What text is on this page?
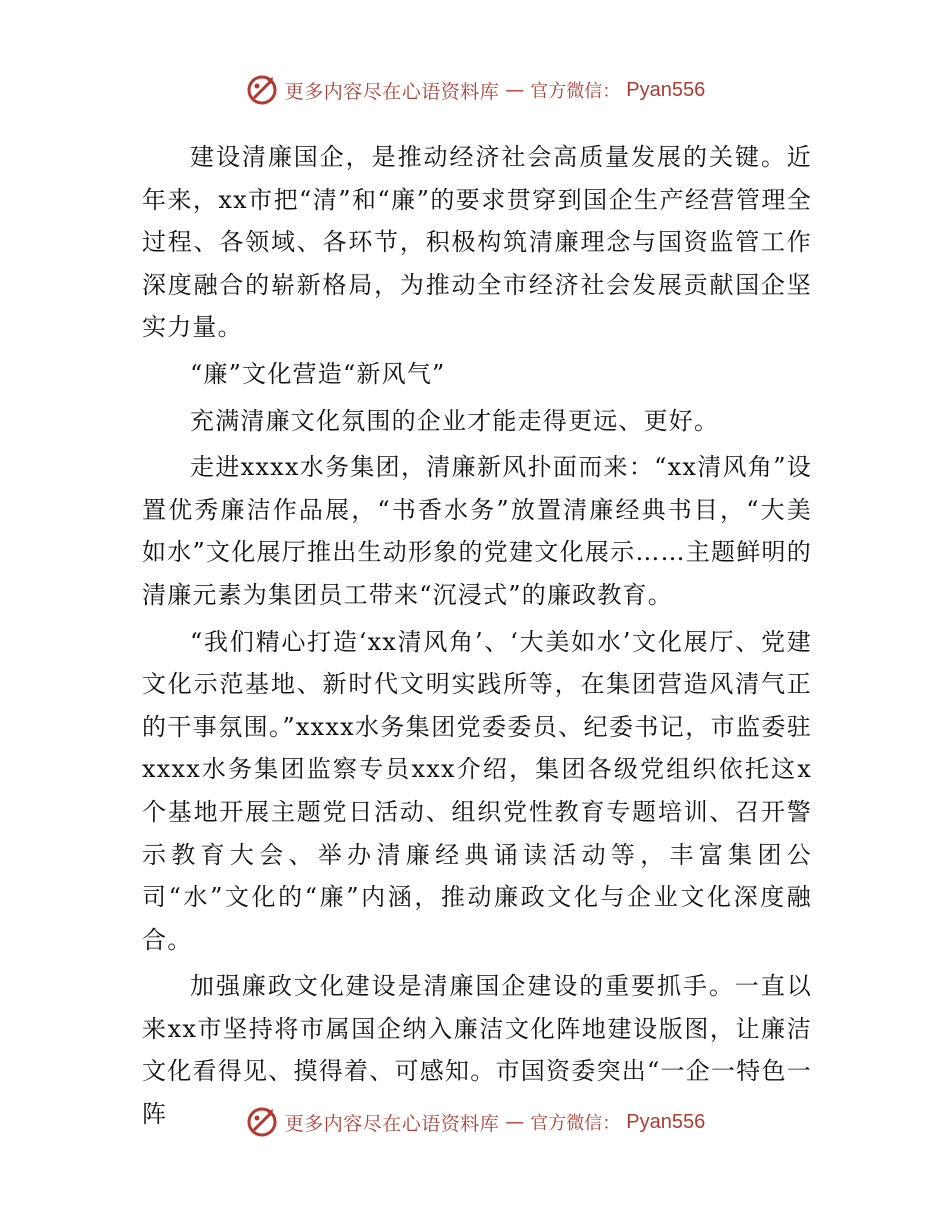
更多内容尽在心语资料库 — 官方微信： Pyan556

建设清廉国企，是推动经济社会高质量发展的关键。近年来，xx市把“清”和“廉”的要求贯穿到国企生产经营管理全过程、各领域、各环节，积极构筑清廉理念与国资监管工作深度融合的崭新格局，为推动全市经济社会发展贡献国企坚实力量。

“廉”文化营造“新风气”

充满清廉文化氛围的企业才能走得更远、更好。

走进xxxx水务集团，清廉新风扑面而来：“xx清风角”设置优秀廉洁作品展，“书香水务”放置清廉经典书目，“大美如水”文化展厅推出生动形象的党建文化展示……主题鲜明的清廉元素为集团员工带来“沉浸式”的廉政教育。

“我们精心打造‘xx清风角’、‘大美如水’文化展厅、党建文化示范基地、新时代文明实践所等，在集团营造风清气正的干事氛围。”xxxx水务集团党委委员、纪委书记，市监委驻xxxx水务集团监察专员xxx介绍，集团各级党组织依托这x个基地开展主题党日活动、组织党性教育专题培训、召开警示教育大会、举办清廉经典诵读活动等，丰富集团公司“水”文化的“廉”内涵，推动廉政文化与企业文化深度融合。

加强廉政文化建设是清廉国企建设的重要抓手。一直以来xx市坚持将市属国企纳入廉洁文化阵地建设版图，让廉洁文化看得见、摸得着、可感知。市国资委突出“一企一特色一阵	更多内容尽在心语资料库 — 官方微信： Pyan556
